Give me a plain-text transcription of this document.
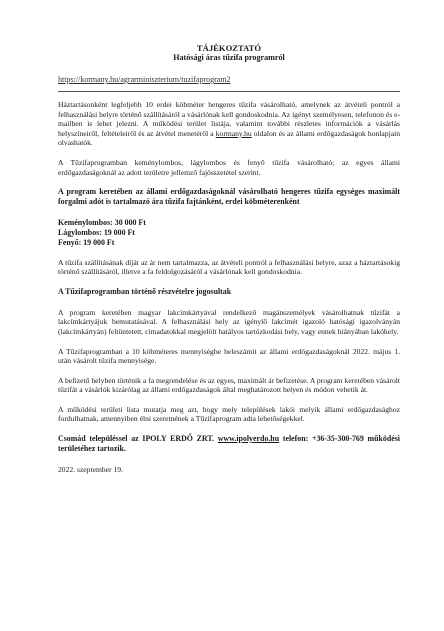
TÁJÉKOZTATÓ
Hatósági áras tűzifa programról
https://kormany.hu/agrarminiszterium/tuzifaprogram2

Háztartásonként legfeljebb 10 erdei köbméter hengeres tűzifa vásárolható, amelynek az átvételi pontról a felhasználási helyre történő szállításáról a vásárlónak kell gondoskodnia. Az igényt személyesen, telefonon és e-mailben is lehet jelezni. A működési terület listája, valamint további részletes információk a vásárlás helyszíneiről, feltételeiről és az átvétel menetéről a kormany.hu oldalon és az állami erdőgazdaságok honlapjain olvashatók.

A Tűzifaprogramban keménylombos, lágylombos és fenyő tűzifa vásárolható; az egyes állami erdőgazdaságoknál az adott területre jellemző fajösszetétel szerint.

A program keretében az állami erdőgazdaságoknál vásárolható hengeres tűzifa egységes maximált forgalmi adót is tartalmazó ára tűzifa fajtánként, erdei köbméterenként
Keménylombos: 30 000 Ft
Lágylombos: 19 000 Ft
Fenyő: 19 000 Ft

A tűzifa szállításának díját az ár nem tartalmazza, az átvételi pontról a felhasználási helyre, azaz a háztartásokig történő szállításáról, illetve a fa feldolgozásáról a vásárlónak kell gondoskodnia.

A Tűzifaprogramban történő részvételre jogosultak

A program keretében magyar lakcímkártyával rendelkező magánszemélyek vásárolhatnak tűzifát a lakcímkártyájuk bemutatásával. A felhasználási hely az igénylő lakcímét igazoló hatósági igazolványán (lakcímkártyán) feltüntetett, címadatokkal megjelölt hatályos tartózkodási hely, vagy ennek hiányában lakóhely.

A Tűzifaprogramban a 10 köbméteres mennyiségbe beleszámít az állami erdőgazdaságoknál 2022. május 1. után vásárolt tűzifa mennyisége.

A befizető helyben történik a fa megrendelése és az egyes, maximált ár befizetése. A program keretében vásárolt tűzifát a vásárlók kizárólag az állami erdőgazdaságok által meghatározott helyen és módon vehetik át.

A működési területi lista mutatja meg azt, hogy mely települések lakói melyik állami erdőgazdasághoz fordulhatnak, amennyiben élni szeretnének a Tűzifaprogram adta lehetőségekkel.

Csomád településsel az IPOLY ERDŐ ZRT. www.ipolyerdo.hu telefon: +36-35-300-769 működési területéhez tartozik.

2022. szeptember 19.
